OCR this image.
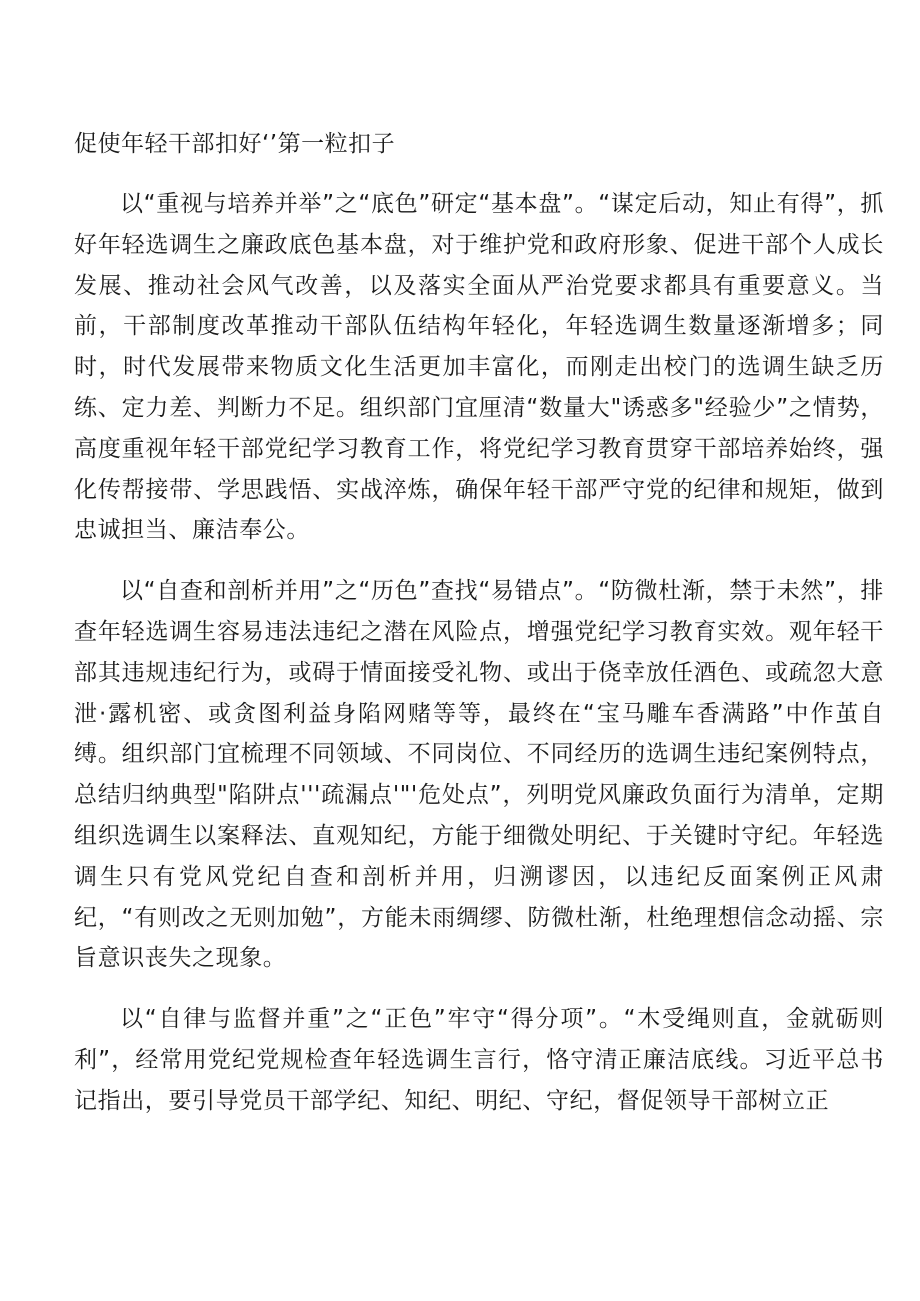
促使年轻干部扣好‘’第一粒扣子

以“重视与培养并举”之“底色”研定“基本盘”。“谋定后动，知止有得”，抓好年轻选调生之廉政底色基本盘，对于维护党和政府形象、促进干部个人成长发展、推动社会风气改善，以及落实全面从严治党要求都具有重要意义。当前，干部制度改革推动干部队伍结构年轻化，年轻选调生数量逐渐增多；同时，时代发展带来物质文化生活更加丰富化，而刚走出校门的选调生缺乏历练、定力差、判断力不足。组织部门宜厘清“数量大"诱惑多"经验少”之情势，高度重视年轻干部党纪学习教育工作，将党纪学习教育贯穿干部培养始终，强化传帮接带、学思践悟、实战淬炼，确保年轻干部严守党的纪律和规矩，做到忠诚担当、廉洁奉公。

以“自查和剖析并用”之“历色”查找“易错点”。“防微杜渐，禁于未然”，排查年轻选调生容易违法违纪之潜在风险点，增强党纪学习教育实效。观年轻干部其违规违纪行为，或碍于情面接受礼物、或出于侥幸放任酒色、或疏忽大意泄·露机密、或贪图利益身陷网赌等等，最终在“宝马雕车香满路”中作茧自缚。组织部门宜梳理不同领域、不同岗位、不同经历的选调生违纪案例特点，总结归纳典型"陷阱点'''疏漏点'"'危处点”，列明党风廉政负面行为清单，定期组织选调生以案释法、直观知纪，方能于细微处明纪、于关键时守纪。年轻选调生只有党风党纪自查和剖析并用，归溯谬因，以违纪反面案例正风肃纪，“有则改之无则加勉”，方能未雨绸缪、防微杜渐，杜绝理想信念动摇、宗旨意识丧失之现象。

以“自律与监督并重”之“正色”牢守“得分项”。“木受绳则直，金就砺则利”，经常用党纪党规检查年轻选调生言行，恪守清正廉洁底线。习近平总书记指出，要引导党员干部学纪、知纪、明纪、守纪，督促领导干部树立正
